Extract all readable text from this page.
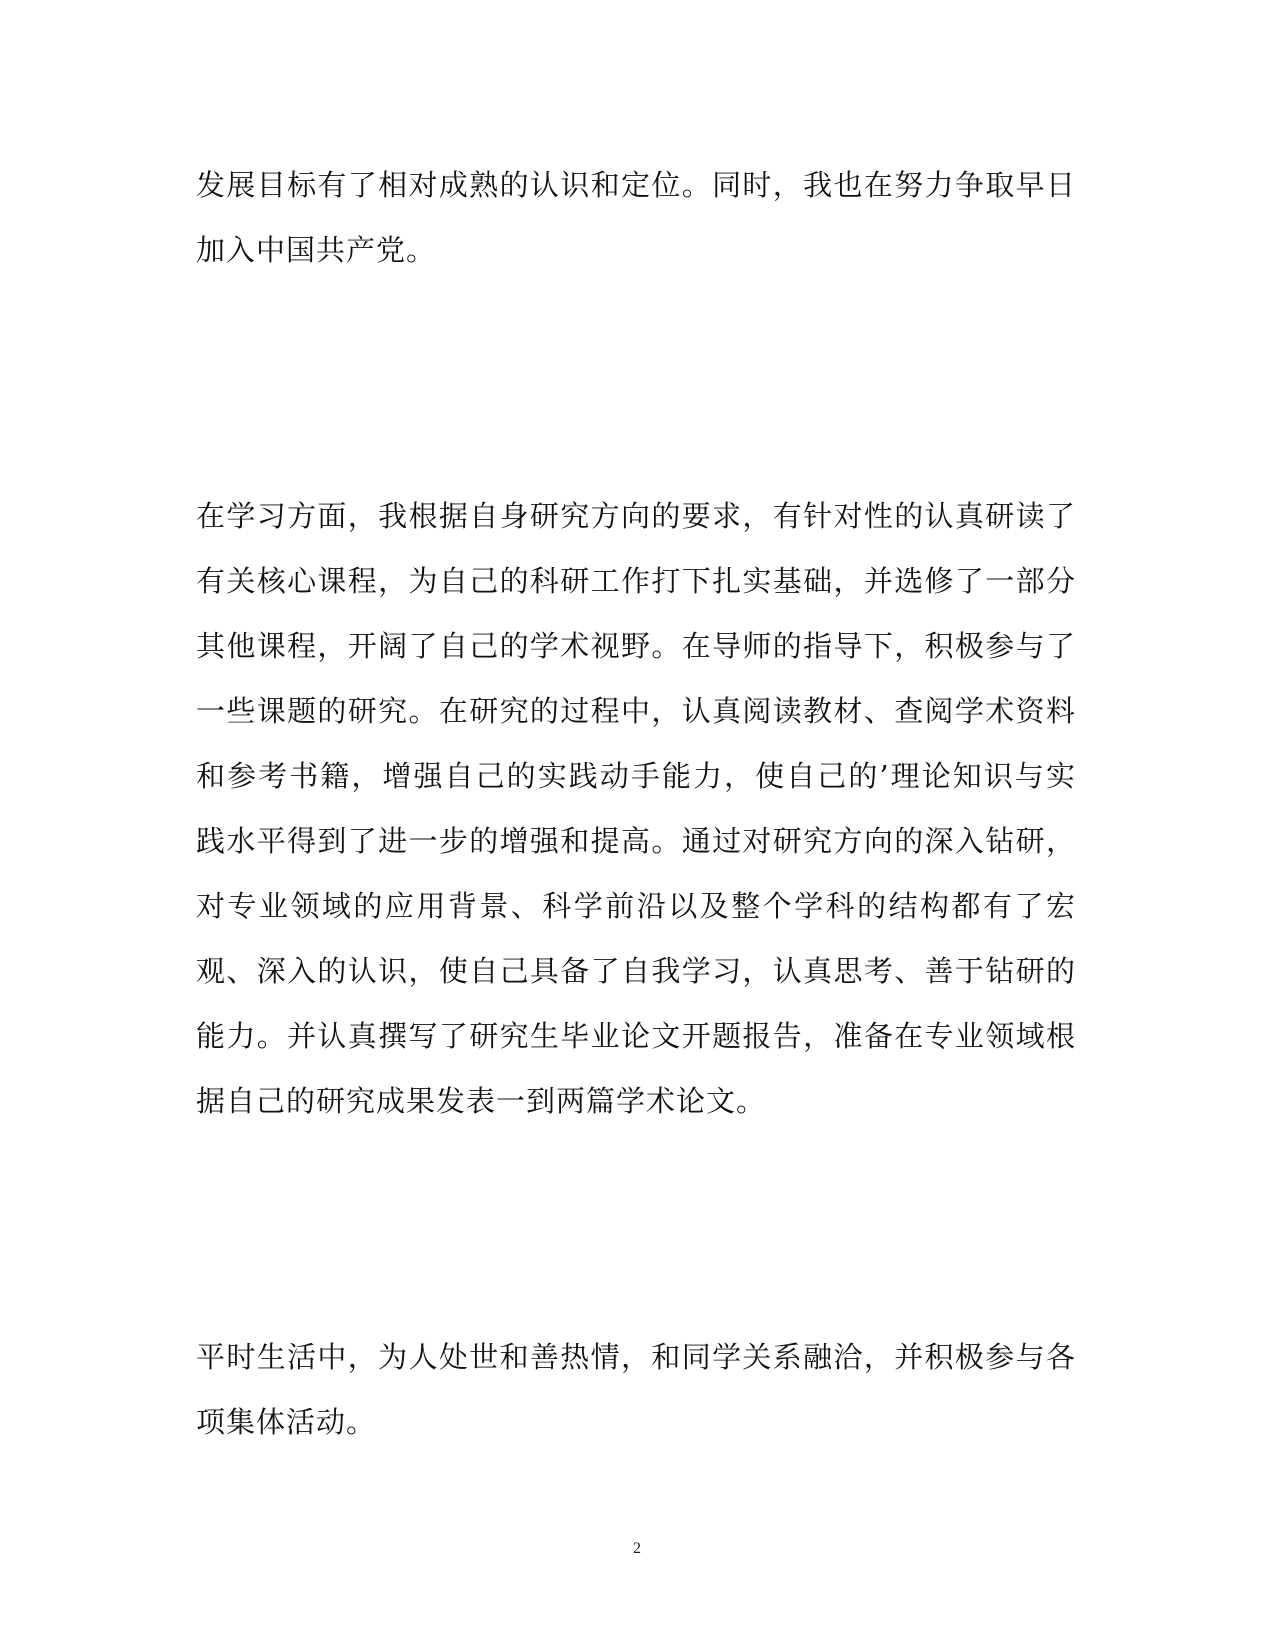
发展目标有了相对成熟的认识和定位。同时，我也在努力争取早日加入中国共产党。

在学习方面，我根据自身研究方向的要求，有针对性的认真研读了有关核心课程，为自己的科研工作打下扎实基础，并选修了一部分其他课程，开阔了自己的学术视野。在导师的指导下，积极参与了一些课题的研究。在研究的过程中，认真阅读教材、查阅学术资料和参考书籍，增强自己的实践动手能力，使自己的’理论知识与实践水平得到了进一步的增强和提高。通过对研究方向的深入钻研，对专业领域的应用背景、科学前沿以及整个学科的结构都有了宏观、深入的认识，使自己具备了自我学习，认真思考、善于钻研的能力。并认真撰写了研究生毕业论文开题报告，准备在专业领域根据自己的研究成果发表一到两篇学术论文。

平时生活中，为人处世和善热情，和同学关系融洽，并积极参与各项集体活动。

2
